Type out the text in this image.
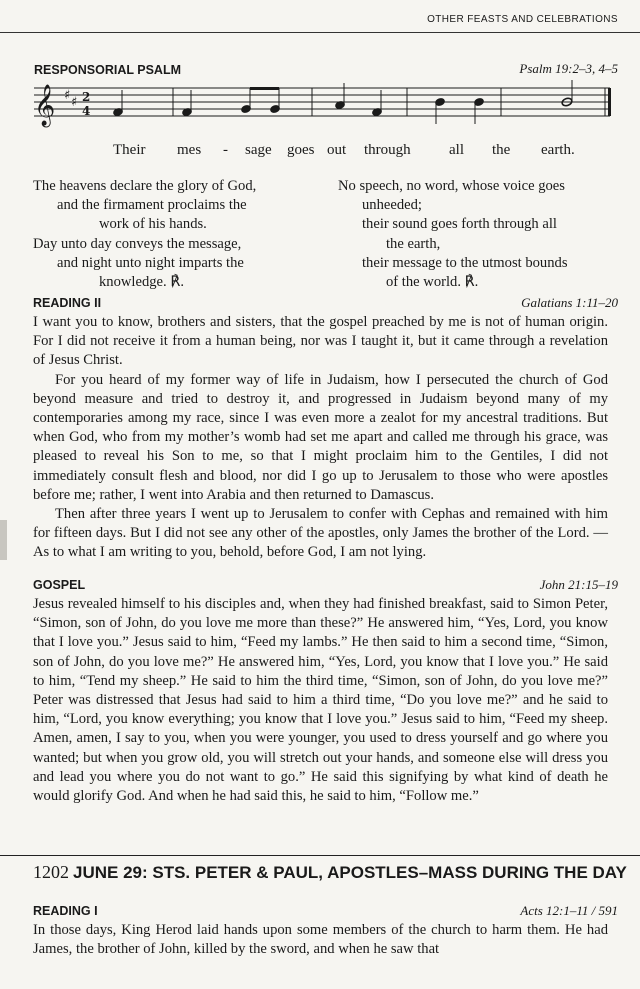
OTHER FEASTS AND CELEBRATIONS
RESPONSORIAL PSALM	Psalm 19:2–3, 4–5
𝄞 ♯ ♯ 2
4
Their mes - sage goes out through	all the earth.
The heavens declare the glory of God,
and the firmament proclaims the
work of his hands.
Day unto day conveys the message,
and night unto night imparts the
knowledge. ℟.
No speech, no word, whose voice goes
unheeded;
their sound goes forth through all
the earth,
their message to the utmost bounds
of the world. ℟.
READING II	Galatians 1:11–20

I want you to know, brothers and sisters, that the gospel preached by me is not of human origin. For I did not receive it from a human being, nor was I taught it, but it came through a revelation of Jesus Christ.

For you heard of my former way of life in Judaism, how I persecuted the church of God beyond measure and tried to destroy it, and progressed in Judaism beyond many of my contemporaries among my race, since I was even more a zealot for my ancestral traditions. But when God, who from my mother’s womb had set me apart and called me through his grace, was pleased to reveal his Son to me, so that I might proclaim him to the Gentiles, I did not immediately consult flesh and blood, nor did I go up to Jerusalem to those who were apostles before me; rather, I went into Arabia and then returned to Damascus.

Then after three years I went up to Jerusalem to confer with Cephas and remained with him for fifteen days. But I did not see any other of the apostles, only James the brother of the Lord. —As to what I am writing to you, behold, before God, I am not lying.

GOSPEL	John 21:15–19

Jesus revealed himself to his disciples and, when they had finished breakfast, said to Simon Peter, “Simon, son of John, do you love me more than these?” He answered him, “Yes, Lord, you know that I love you.” Jesus said to him, “Feed my lambs.” He then said to him a second time, “Simon, son of John, do you love me?” He answered him, “Yes, Lord, you know that I love you.” He said to him, “Tend my sheep.” He said to him the third time, “Simon, son of John, do you love me?” Peter was distressed that Jesus had said to him a third time, “Do you love me?” and he said to him, “Lord, you know everything; you know that I love you.” Jesus said to him, “Feed my sheep. Amen, amen, I say to you, when you were younger, you used to dress yourself and go where you wanted; but when you grow old, you will stretch out your hands, and someone else will dress you and lead you where you do not want to go.” He said this signifying by what kind of death he would glorify God. And when he had said this, he said to him, “Follow me.”

1202 JUNE 29: STS. PETER & PAUL, APOSTLES–MASS DURING THE DAY
READING I	Acts 12:1–11 / 591

In those days, King Herod laid hands upon some members of the church to harm them. He had James, the brother of John, killed by the sword, and when he saw that
